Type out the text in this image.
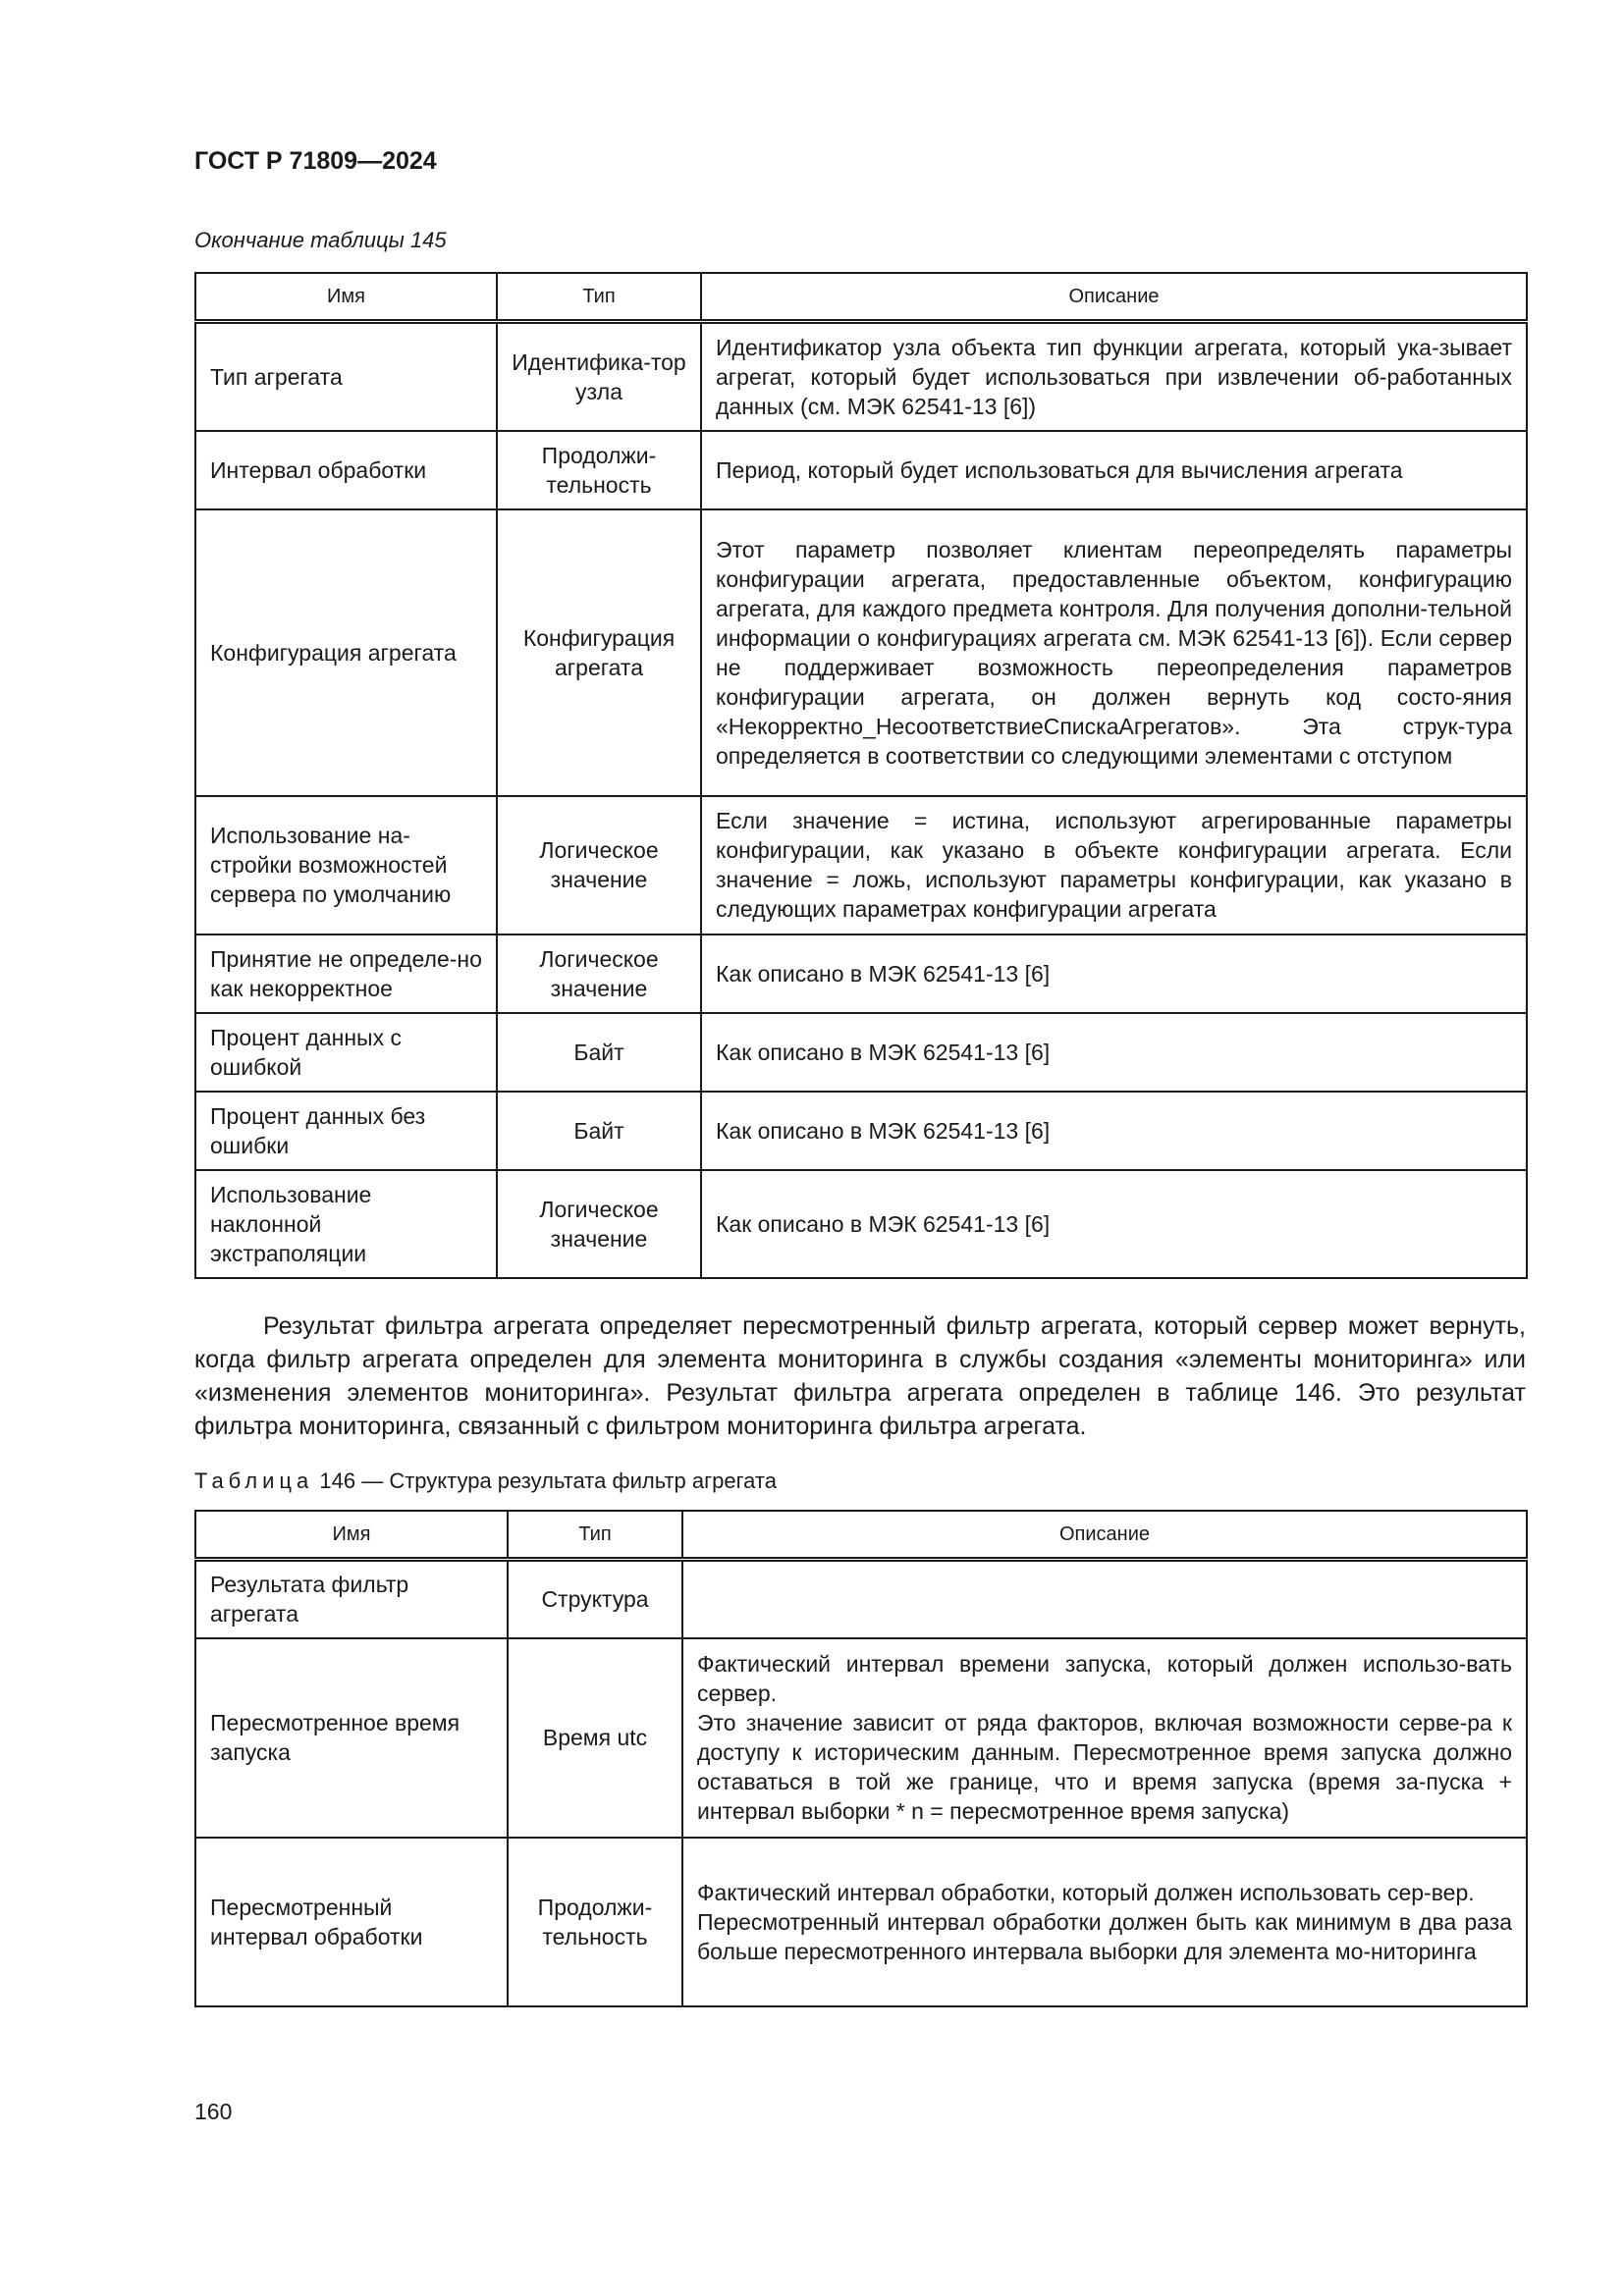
ГОСТ Р 71809—2024
Окончание таблицы 145
Имя	Тип	Описание
Тип агрегата	Идентифика-тор узла	Идентификатор узла объекта тип функции агрегата, который ука-зывает агрегат, который будет использоваться при извлечении об-работанных данных (см. МЭК 62541-13 [6])
Интервал обработки	Продолжи-тельность	Период, который будет использоваться для вычисления агрегата
Конфигурация агрегата	Конфигурация агрегата	Этот параметр позволяет клиентам переопределять параметры конфигурации агрегата, предоставленные объектом, конфигурацию агрегата, для каждого предмета контроля. Для получения дополни-тельной информации о конфигурациях агрегата см. МЭК 62541-13 [6]). Если сервер не поддерживает возможность переопределения параметров конфигурации агрегата, он должен вернуть код состо-яния «Некорректно_НесоответствиеСпискаАгрегатов». Эта струк-тура определяется в соответствии со следующими элементами с отступом
Использование на-стройки возможностей сервера по умолчанию	Логическое значение	Если значение = истина, используют агрегированные параметры конфигурации, как указано в объекте конфигурации агрегата. Если значение = ложь, используют параметры конфигурации, как указано в следующих параметрах конфигурации агрегата
Принятие не определе-но как некорректное	Логическое значение	Как описано в МЭК 62541-13 [6]
Процент данных с ошибкой	Байт	Как описано в МЭК 62541-13 [6]
Процент данных без ошибки	Байт	Как описано в МЭК 62541-13 [6]
Использование наклонной экстраполяции	Логическое значение	Как описано в МЭК 62541-13 [6]
Результат фильтра агрегата определяет пересмотренный фильтр агрегата, который сервер может вернуть, когда фильтр агрегата определен для элемента мониторинга в службы создания «элементы мониторинга» или «изменения элементов мониторинга». Результат фильтра агрегата определен в таблице 146. Это результат фильтра мониторинга, связанный с фильтром мониторинга фильтра агрегата.
Таблица 146 — Структура результата фильтр агрегата
Имя	Тип	Описание
Результата фильтр агрегата	Структура	
Пересмотренное время запуска	Время utc	Фактический интервал времени запуска, который должен использо-вать сервер.
Это значение зависит от ряда факторов, включая возможности серве-ра к доступу к историческим данным. Пересмотренное время запуска должно оставаться в той же границе, что и время запуска (время за-пуска + интервал выборки * n = пересмотренное время запуска)
Пересмотренный интервал обработки	Продолжи-тельность	Фактический интервал обработки, который должен использовать сер-вер.
Пересмотренный интервал обработки должен быть как минимум в два раза больше пересмотренного интервала выборки для элемента мо-ниторинга
160
